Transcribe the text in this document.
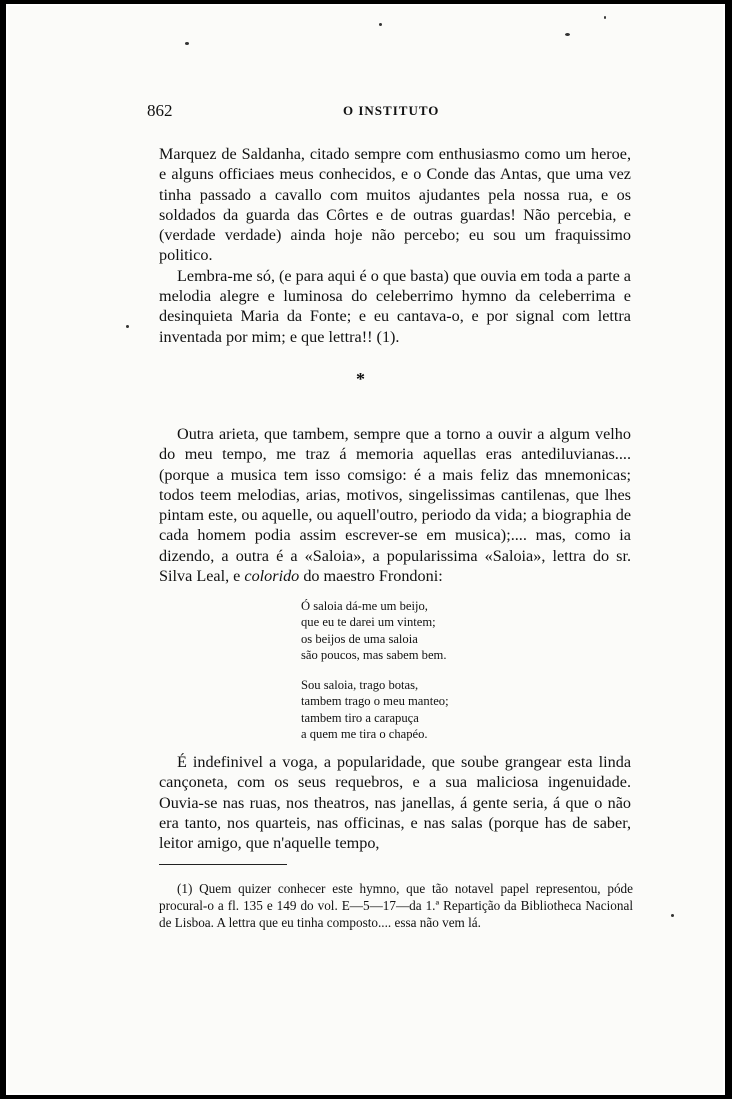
862	O INSTITUTO
Marquez de Saldanha, citado sempre com enthusiasmo como um heroe, e alguns officiaes meus conhecidos, e o Conde das Antas, que uma vez tinha passado a cavallo com muitos ajudantes pela nossa rua, e os soldados da guarda das Côrtes e de outras guardas! Não percebia, e (verdade verdade) ainda hoje não percebo; eu sou um fraquissimo politico.
Lembra-me só, (e para aqui é o que basta) que ouvia em toda a parte a melodia alegre e luminosa do celeberrimo hymno da celeberrima e desinquieta Maria da Fonte; e eu cantava-o, e por signal com lettra inventada por mim; e que lettra!! (1).
*
Outra arieta, que tambem, sempre que a torno a ouvir a algum velho do meu tempo, me traz á memoria aquellas eras antediluvianas.... (porque a musica tem isso comsigo: é a mais feliz das mnemonicas; todos teem melodias, arias, motivos, singelissimas cantilenas, que lhes pintam este, ou aquelle, ou aquell'outro, periodo da vida; a biographia de cada homem podia assim escrever-se em musica);.... mas, como ia dizendo, a outra é a «Saloia», a popularissima «Saloia», lettra do sr. Silva Leal, e colorido do maestro Frondoni:
Ó saloia dá-me um beijo,
que eu te darei um vintem;
os beijos de uma saloia
são poucos, mas sabem bem.
Sou saloia, trago botas,
tambem trago o meu manteo;
tambem tiro a carapuça
a quem me tira o chapéo.
É indefinivel a voga, a popularidade, que soube grangear esta linda cançoneta, com os seus requebros, e a sua maliciosa ingenuidade. Ouvia-se nas ruas, nos theatros, nas janellas, á gente seria, á que o não era tanto, nos quarteis, nas officinas, e nas salas (porque has de saber, leitor amigo, que n'aquelle tempo,
(1) Quem quizer conhecer este hymno, que tão notavel papel representou, póde procural-o a fl. 135 e 149 do vol. E—5—17—da 1.ª Repartição da Bibliotheca Nacional de Lisboa. A lettra que eu tinha composto.... essa não vem lá.
